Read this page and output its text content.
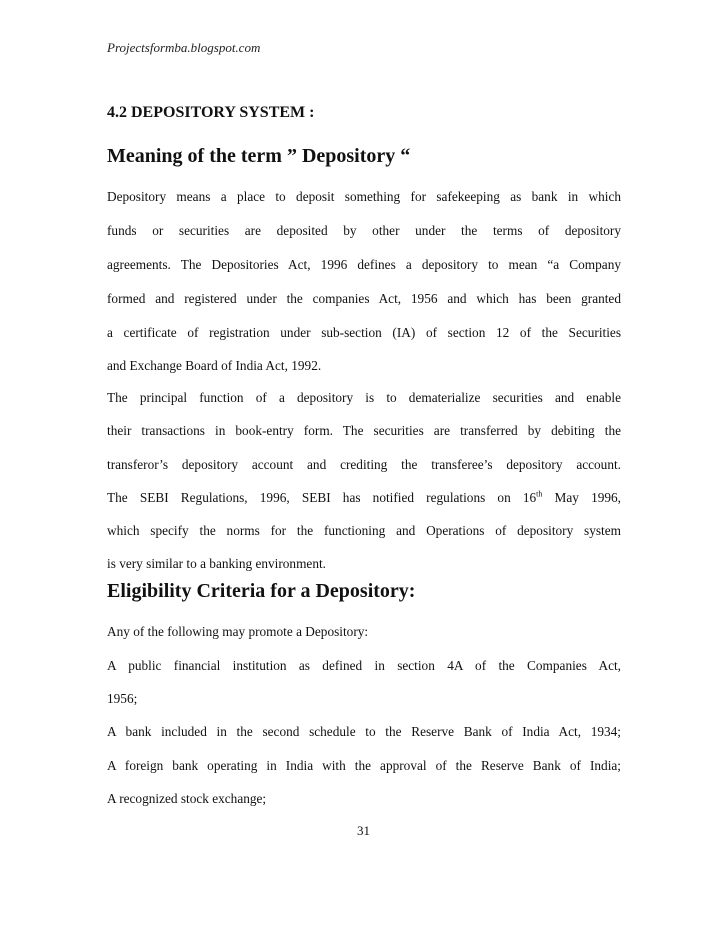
Projectsformba.blogspot.com
4.2 DEPOSITORY SYSTEM :
Meaning of the term ” Depository “
Depository means a place to deposit something for safekeeping as bank in which
funds or securities are deposited by other under the terms of depository
agreements. The Depositories Act, 1996 defines a depository to mean “a Company
formed and registered under the companies Act, 1956 and which has been granted
a certificate of registration under sub-section (IA) of section 12 of the Securities
and Exchange Board of India Act, 1992.
The principal function of a depository is to dematerialize securities and enable
their transactions in book-entry form. The securities are transferred by debiting the
transferor’s depository account and crediting the transferee’s depository account.
The SEBI Regulations, 1996, SEBI has notified regulations on 16th May 1996,
which specify the norms for the functioning and Operations of depository system
is very similar to a banking environment.
Eligibility Criteria for a Depository:
Any of the following may promote a Depository:
A public financial institution as defined in section 4A of the Companies Act,
1956;
A bank included in the second schedule to the Reserve Bank of India Act, 1934;
A foreign bank operating in India with the approval of the Reserve Bank of India;
A recognized stock exchange;
31
